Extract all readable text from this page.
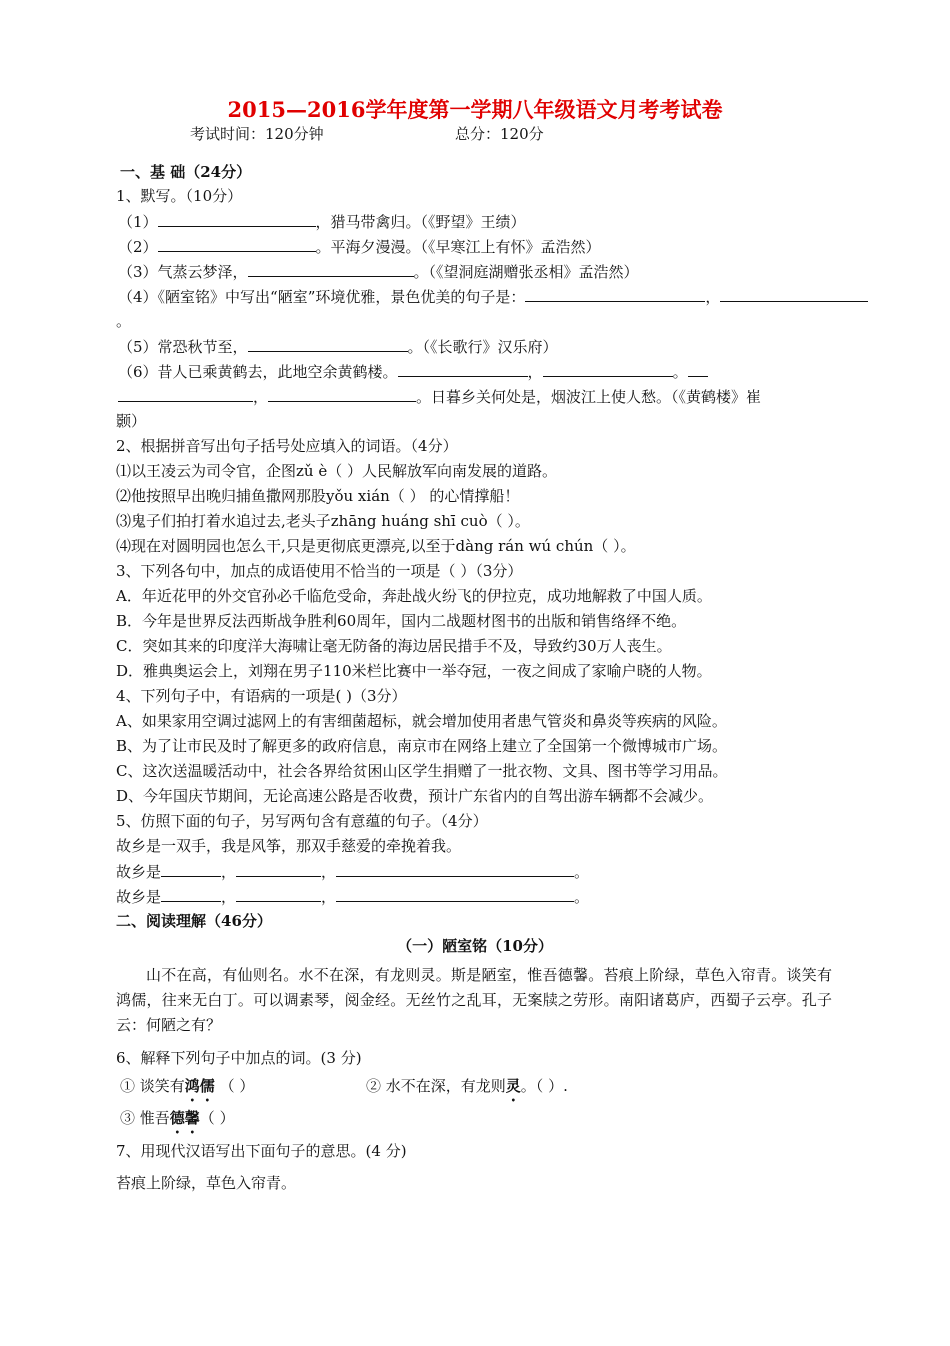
2015—2016学年度第一学期八年级语文月考考试卷
考试时间：120分钟	总分：120分
一、基 础（24分）
1、默写。（10分）
（1）	，猎马带禽归。（《野望》王绩）
（2）	。平海夕漫漫。（《早寒江上有怀》孟浩然）
（3）气蒸云梦泽，	。（《望洞庭湖赠张丞相》孟浩然）
（4）《陋室铭》中写出“陋室”环境优雅，景色优美的句子是：	，
。
（5）常恐秋节至，	。（《长歌行》汉乐府）
（6）昔人已乘黄鹤去，此地空余黄鹤楼。	，	。
，	。日暮乡关何处是，烟波江上使人愁。（《黄鹤楼》崔
颢）
2、根据拼音写出句子括号处应填入的词语。（4分）
⑴以王凌云为司令官，企图zǔ è（ ）人民解放军向南发展的道路。
⑵他按照早出晚归捕鱼撒网那股yǒu xián（ ） 的心情撑船！
⑶鬼子们拍打着水追过去,老头子zhāng huáng shī cuò（ ）。
⑷现在对圆明园也怎么干,只是更彻底更漂亮,以至于dàng rán wú chún（ ）。
3、下列各句中，加点的成语使用不恰当的一项是（ ）（3分）
A．年近花甲的外交官孙必千临危受命，奔赴战火纷飞的伊拉克，成功地解救了中国人质。
B．今年是世界反法西斯战争胜利60周年，国内二战题材图书的出版和销售络绎不绝。
C．突如其来的印度洋大海啸让毫无防备的海边居民措手不及，导致约30万人丧生。
D．雅典奥运会上，刘翔在男子110米栏比赛中一举夺冠，一夜之间成了家喻户晓的人物。
4、下列句子中，有语病的一项是( )（3分）
A、如果家用空调过滤网上的有害细菌超标，就会增加使用者患气管炎和鼻炎等疾病的风险。
B、为了让市民及时了解更多的政府信息，南京市在网络上建立了全国第一个微博城市广场。
C、这次送温暖活动中，社会各界给贫困山区学生捐赠了一批衣物、文具、图书等学习用品。
D、今年国庆节期间，无论高速公路是否收费，预计广东省内的自驾出游车辆都不会减少。
5、仿照下面的句子，另写两句含有意蕴的句子。（4分）
故乡是一双手，我是风筝，那双手慈爱的牵挽着我。
故乡是	，	，	。
故乡是	，	，	。
二、阅读理解（46分）
（一）陋室铭（10分）
山不在高，有仙则名。水不在深，有龙则灵。斯是陋室，惟吾德馨。苔痕上阶绿，草色入帘青。谈笑有鸿儒，往来无白丁。可以调素琴，阅金经。无丝竹之乱耳，无案牍之劳形。南阳诸葛庐，西蜀子云亭。孔子云：何陋之有？
6、解释下列句子中加点的词。(3 分)
① 谈笑有鸿儒 （ ）	② 水不在深，有龙则灵。（ ）.
③ 惟吾德馨（ ）
7、用现代汉语写出下面句子的意思。(4 分)
苔痕上阶绿，草色入帘青。
